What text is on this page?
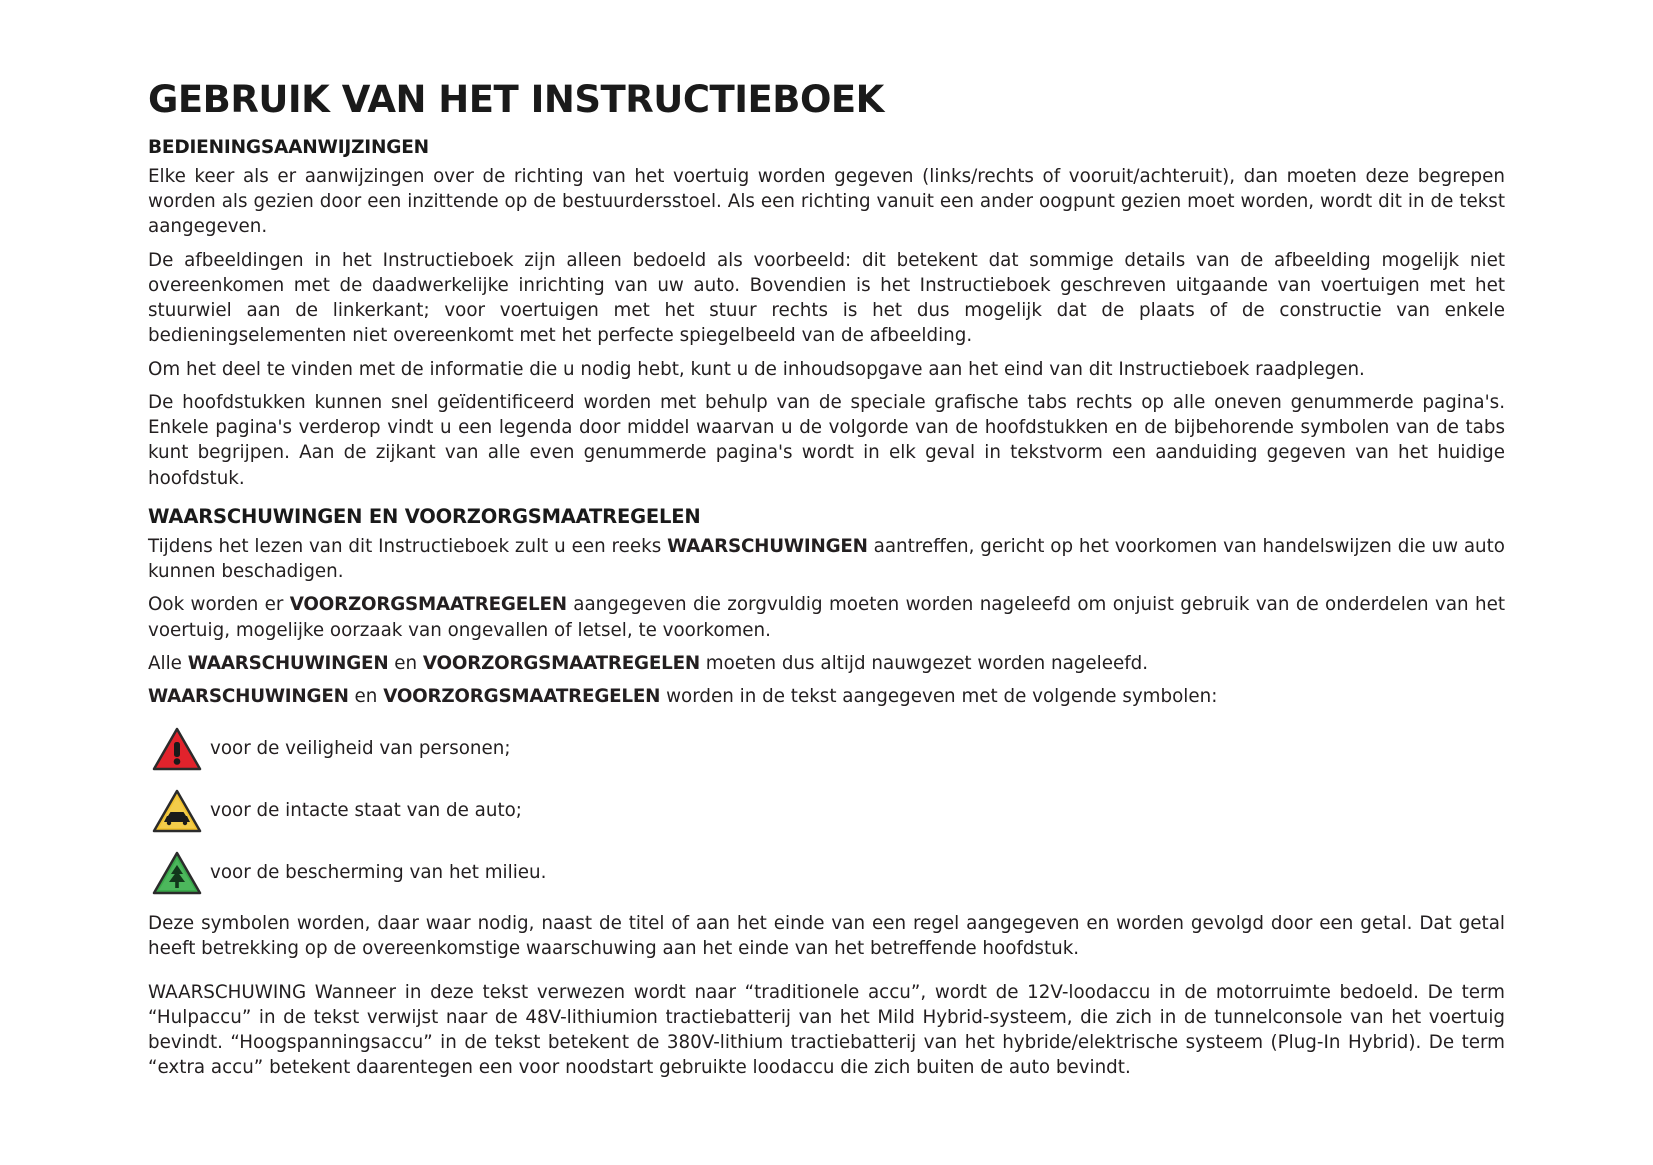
GEBRUIK VAN HET INSTRUCTIEBOEK
BEDIENINGSAANWIJZINGEN

Elke keer als er aanwijzingen over de richting van het voertuig worden gegeven (links/rechts of vooruit/achteruit), dan moeten deze begrepen worden als gezien door een inzittende op de bestuurdersstoel. Als een richting vanuit een ander oogpunt gezien moet worden, wordt dit in de tekst aangegeven.

De afbeeldingen in het Instructieboek zijn alleen bedoeld als voorbeeld: dit betekent dat sommige details van de afbeelding mogelijk niet overeenkomen met de daadwerkelijke inrichting van uw auto. Bovendien is het Instructieboek geschreven uitgaande van voertuigen met het stuurwiel aan de linkerkant; voor voertuigen met het stuur rechts is het dus mogelijk dat de plaats of de constructie van enkele bedieningselementen niet overeenkomt met het perfecte spiegelbeeld van de afbeelding.

Om het deel te vinden met de informatie die u nodig hebt, kunt u de inhoudsopgave aan het eind van dit Instructieboek raadplegen.

De hoofdstukken kunnen snel geïdentificeerd worden met behulp van de speciale grafische tabs rechts op alle oneven genummerde pagina's. Enkele pagina's verderop vindt u een legenda door middel waarvan u de volgorde van de hoofdstukken en de bijbehorende symbolen van de tabs kunt begrijpen. Aan de zijkant van alle even genummerde pagina's wordt in elk geval in tekstvorm een aanduiding gegeven van het huidige hoofdstuk.

WAARSCHUWINGEN EN VOORZORGSMAATREGELEN

Tijdens het lezen van dit Instructieboek zult u een reeks WAARSCHUWINGEN aantreffen, gericht op het voorkomen van handelswijzen die uw auto kunnen beschadigen.

Ook worden er VOORZORGSMAATREGELEN aangegeven die zorgvuldig moeten worden nageleefd om onjuist gebruik van de onderdelen van het voertuig, mogelijke oorzaak van ongevallen of letsel, te voorkomen.

Alle WAARSCHUWINGEN en VOORZORGSMAATREGELEN moeten dus altijd nauwgezet worden nageleefd.

WAARSCHUWINGEN en VOORZORGSMAATREGELEN worden in de tekst aangegeven met de volgende symbolen:

voor de veiligheid van personen;
voor de intacte staat van de auto;
voor de bescherming van het milieu.

Deze symbolen worden, daar waar nodig, naast de titel of aan het einde van een regel aangegeven en worden gevolgd door een getal. Dat getal heeft betrekking op de overeenkomstige waarschuwing aan het einde van het betreffende hoofdstuk.

WAARSCHUWING Wanneer in deze tekst verwezen wordt naar “traditionele accu”, wordt de 12V-loodaccu in de motorruimte bedoeld. De term “Hulpaccu” in de tekst verwijst naar de 48V-lithiumion tractiebatterij van het Mild Hybrid-systeem, die zich in de tunnelconsole van het voertuig bevindt. “Hoogspanningsaccu” in de tekst betekent de 380V-lithium tractiebatterij van het hybride/elektrische systeem (Plug-In Hybrid). De term “extra accu” betekent daarentegen een voor noodstart gebruikte loodaccu die zich buiten de auto bevindt.
